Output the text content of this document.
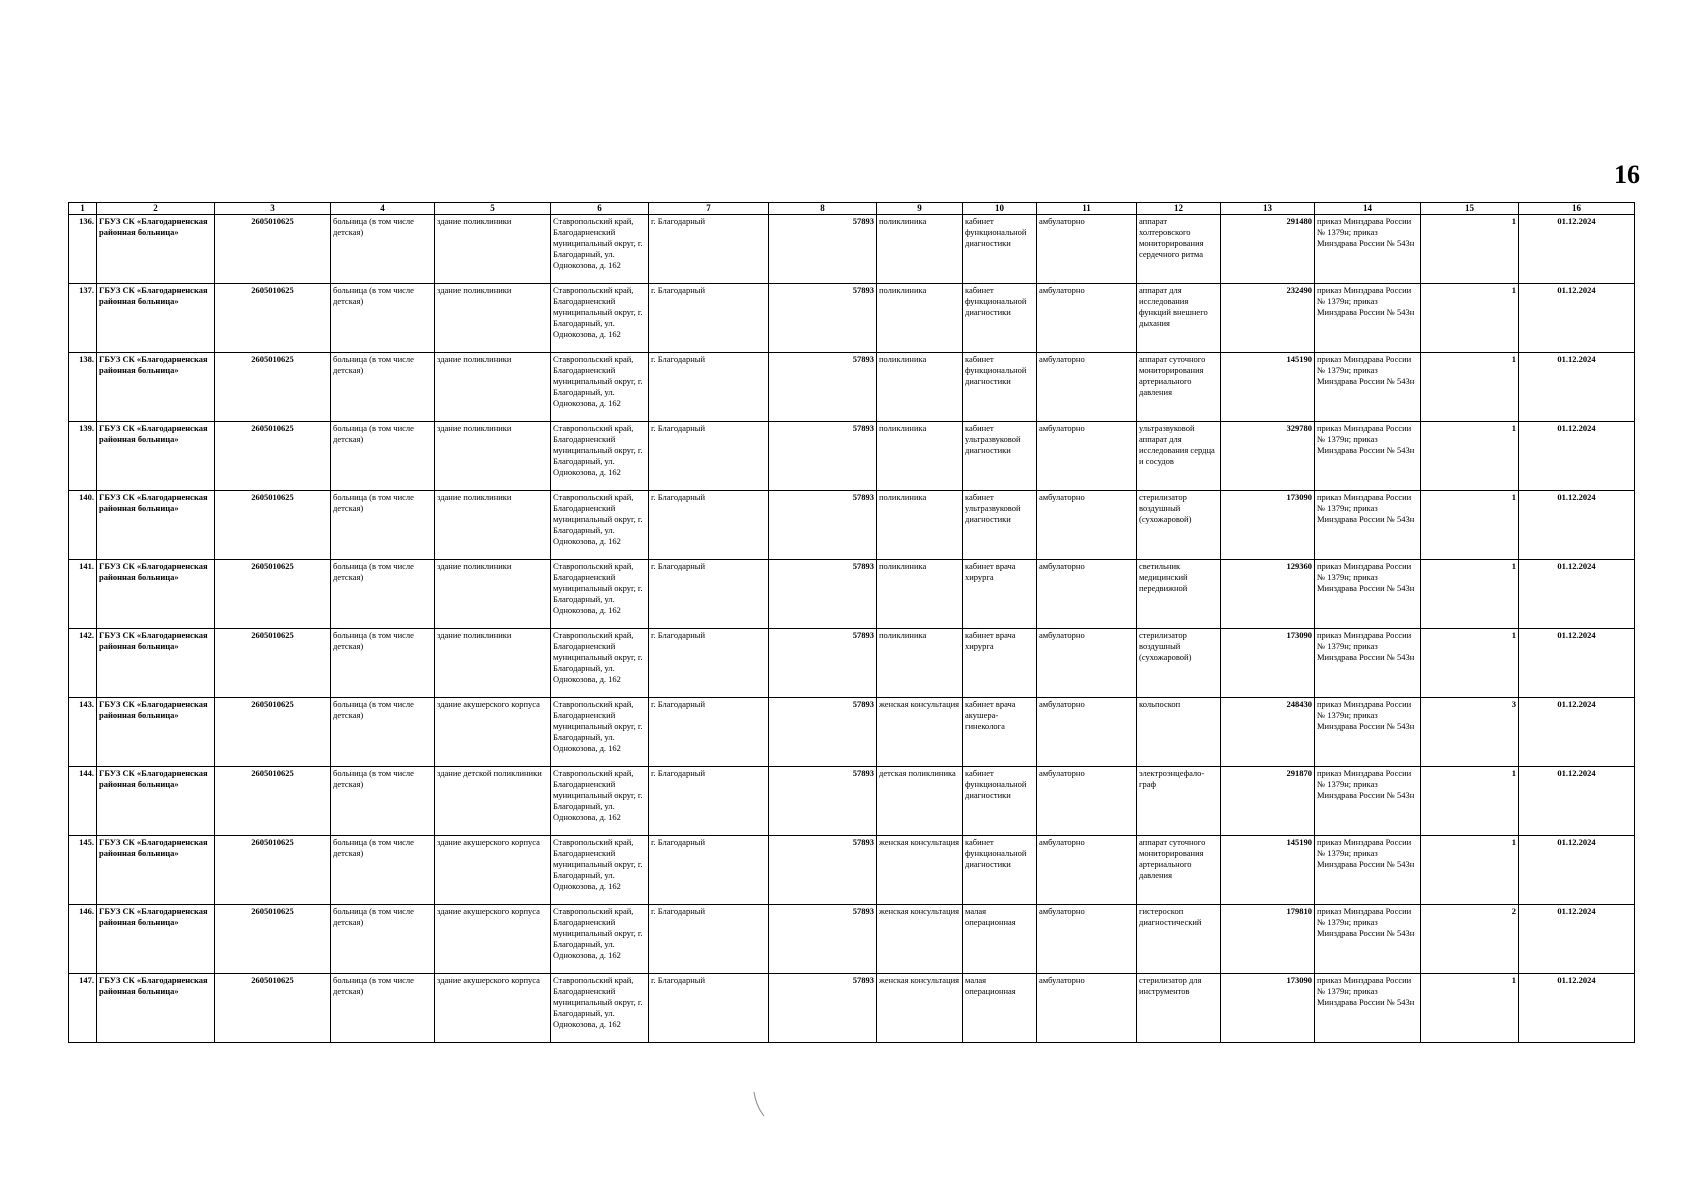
16
1	2	3	4	5	6	7	8	9	10	11	12	13	14	15	16
136.	ГБУЗ СК «Благодарненская районная больница»	2605010625	больница (в том числе детская)	здание поликлиники	Ставропольский край, Благодарненский муниципальный округ, г. Благодарный, ул. Однокозова, д. 162	г. Благодарный	57893	поликлиника	кабинет функциональной диагностики	амбулаторно	аппарат холтеровского мониторирования сердечного ритма	291480	приказ Минздрава России № 1379н; приказ Минздрава России № 543н	1	01.12.2024
137.	ГБУЗ СК «Благодарненская районная больница»	2605010625	больница (в том числе детская)	здание поликлиники	Ставропольский край, Благодарненский муниципальный округ, г. Благодарный, ул. Однокозова, д. 162	г. Благодарный	57893	поликлиника	кабинет функциональной диагностики	амбулаторно	аппарат для исследования функций внешнего дыхания	232490	приказ Минздрава России № 1379н; приказ Минздрава России № 543н	1	01.12.2024
138.	ГБУЗ СК «Благодарненская районная больница»	2605010625	больница (в том числе детская)	здание поликлиники	Ставропольский край, Благодарненский муниципальный округ, г. Благодарный, ул. Однокозова, д. 162	г. Благодарный	57893	поликлиника	кабинет функциональной диагностики	амбулаторно	аппарат суточного мониторирования артериального давления	145190	приказ Минздрава России № 1379н; приказ Минздрава России № 543н	1	01.12.2024
139.	ГБУЗ СК «Благодарненская районная больница»	2605010625	больница (в том числе детская)	здание поликлиники	Ставропольский край, Благодарненский муниципальный округ, г. Благодарный, ул. Однокозова, д. 162	г. Благодарный	57893	поликлиника	кабинет ультразвуковой диагностики	амбулаторно	ультразвуковой аппарат для исследования сердца и сосудов	329780	приказ Минздрава России № 1379н; приказ Минздрава России № 543н	1	01.12.2024
140.	ГБУЗ СК «Благодарненская районная больница»	2605010625	больница (в том числе детская)	здание поликлиники	Ставропольский край, Благодарненский муниципальный округ, г. Благодарный, ул. Однокозова, д. 162	г. Благодарный	57893	поликлиника	кабинет ультразвуковой диагностики	амбулаторно	стерилизатор воздушный (сухожаровой)	173090	приказ Минздрава России № 1379н; приказ Минздрава России № 543н	1	01.12.2024
141.	ГБУЗ СК «Благодарненская районная больница»	2605010625	больница (в том числе детская)	здание поликлиники	Ставропольский край, Благодарненский муниципальный округ, г. Благодарный, ул. Однокозова, д. 162	г. Благодарный	57893	поликлиника	кабинет врача хирурга	амбулаторно	светильник медицинский передвижной	129360	приказ Минздрава России № 1379н; приказ Минздрава России № 543н	1	01.12.2024
142.	ГБУЗ СК «Благодарненская районная больница»	2605010625	больница (в том числе детская)	здание поликлиники	Ставропольский край, Благодарненский муниципальный округ, г. Благодарный, ул. Однокозова, д. 162	г. Благодарный	57893	поликлиника	кабинет врача хирурга	амбулаторно	стерилизатор воздушный (сухожаровой)	173090	приказ Минздрава России № 1379н; приказ Минздрава России № 543н	1	01.12.2024
143.	ГБУЗ СК «Благодарненская районная больница»	2605010625	больница (в том числе детская)	здание акушерского корпуса	Ставропольский край, Благодарненский муниципальный округ, г. Благодарный, ул. Однокозова, д. 162	г. Благодарный	57893	женская консультация	кабинет врача акушера-гинеколога	амбулаторно	кольпоскоп	248430	приказ Минздрава России № 1379н; приказ Минздрава России № 543н	3	01.12.2024
144.	ГБУЗ СК «Благодарненская районная больница»	2605010625	больница (в том числе детская)	здание детской поликлиники	Ставропольский край, Благодарненский муниципальный округ, г. Благодарный, ул. Однокозова, д. 162	г. Благодарный	57893	детская поликлиника	кабинет функциональной диагностики	амбулаторно	электроэнцефало-граф	291870	приказ Минздрава России № 1379н; приказ Минздрава России № 543н	1	01.12.2024
145.	ГБУЗ СК «Благодарненская районная больница»	2605010625	больница (в том числе детская)	здание акушерского корпуса	Ставропольский край, Благодарненский муниципальный округ, г. Благодарный, ул. Однокозова, д. 162	г. Благодарный	57893	женская консультация	кабинет функциональной диагностики	амбулаторно	аппарат суточного мониторирования артериального давления	145190	приказ Минздрава России № 1379н; приказ Минздрава России № 543н	1	01.12.2024
146.	ГБУЗ СК «Благодарненская районная больница»	2605010625	больница (в том числе детская)	здание акушерского корпуса	Ставропольский край, Благодарненский муниципальный округ, г. Благодарный, ул. Однокозова, д. 162	г. Благодарный	57893	женская консультация	малая операционная	амбулаторно	гистероскоп диагностический	179810	приказ Минздрава России № 1379н; приказ Минздрава России № 543н	2	01.12.2024
147.	ГБУЗ СК «Благодарненская районная больница»	2605010625	больница (в том числе детская)	здание акушерского корпуса	Ставропольский край, Благодарненский муниципальный округ, г. Благодарный, ул. Однокозова, д. 162	г. Благодарный	57893	женская консультация	малая операционная	амбулаторно	стерилизатор для инструментов	173090	приказ Минздрава России № 1379н; приказ Минздрава России № 543н	1	01.12.2024
